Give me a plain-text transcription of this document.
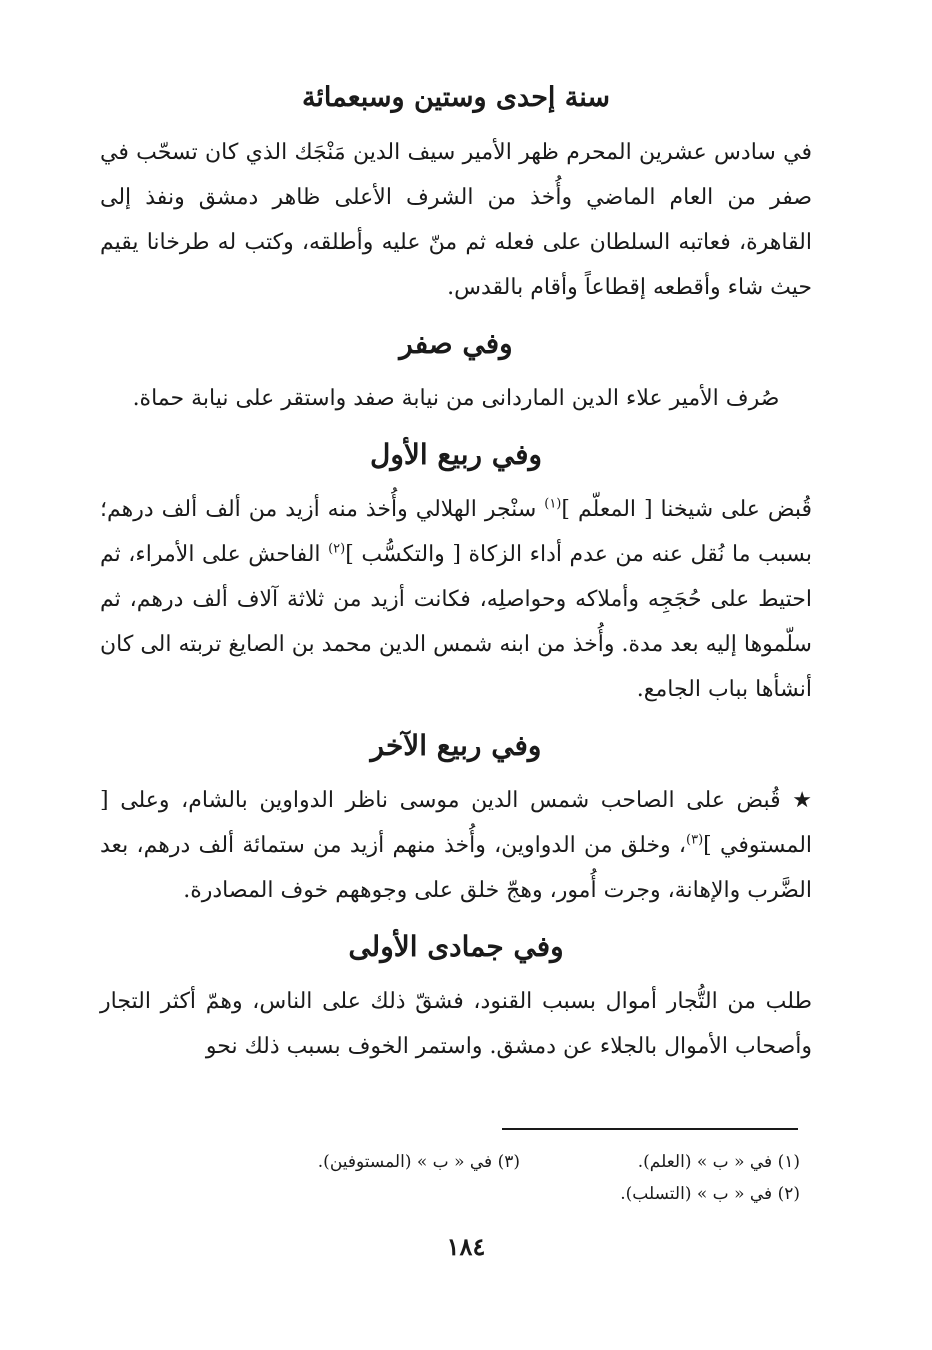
سنة إحدى وستين وسبعمائة

في سادس عشرين المحرم ظهر الأمير سيف الدين مَنْجَك الذي كان تسحّب في صفر من العام الماضي وأُخذ من الشرف الأعلى ظاهر دمشق ونفذ إلى القاهرة، فعاتبه السلطان على فعله ثم منّ عليه وأطلقه، وكتب له طرخانا يقيم حيث شاء وأقطعه إقطاعاً وأقام بالقدس.

وفي صفر

صُرف الأمير علاء الدين الماردانى من نيابة صفد واستقر على نيابة حماة.

وفي ربيع الأول

قُبض على شيخنا [ المعلّم ]$^{(١)}$ سنْجر الهلالي وأُخذ منه أزيد من ألف ألف درهم؛ بسبب ما نُقل عنه من عدم أداء الزكاة [ والتكسُّب ]$^{(٢)}$ الفاحش على الأمراء، ثم احتيط على حُجَجِه وأملاكه وحواصلِه، فكانت أزيد من ثلاثة آلاف ألف درهم، ثم سلّموها إليه بعد مدة. وأُخذ من ابنه شمس الدين محمد بن الصايغ تربته الى كان أنشأها بباب الجامع.

وفي ربيع الآخر

★ قُبض على الصاحب شمس الدين موسى ناظر الدواوين بالشام، وعلى [ المستوفي ]$^{(٣)}$، وخلق من الدواوين، وأُخذ منهم أزيد من ستمائة ألف درهم، بعد الضَّرب والإهانة، وجرت أُمور، وهجّ خلق على وجوههم خوف المصادرة.

وفي جمادى الأولى

طلب من التُّجار أموال بسبب القنود، فشقّ ذلك على الناس، وهمّ أكثر التجار وأصحاب الأموال بالجلاء عن دمشق. واستمر الخوف بسبب ذلك نحو

(١) في « ب » (العلم).
(٣) في « ب » (المستوفين).
(٢) في « ب » (التسلب).
١٨٤
